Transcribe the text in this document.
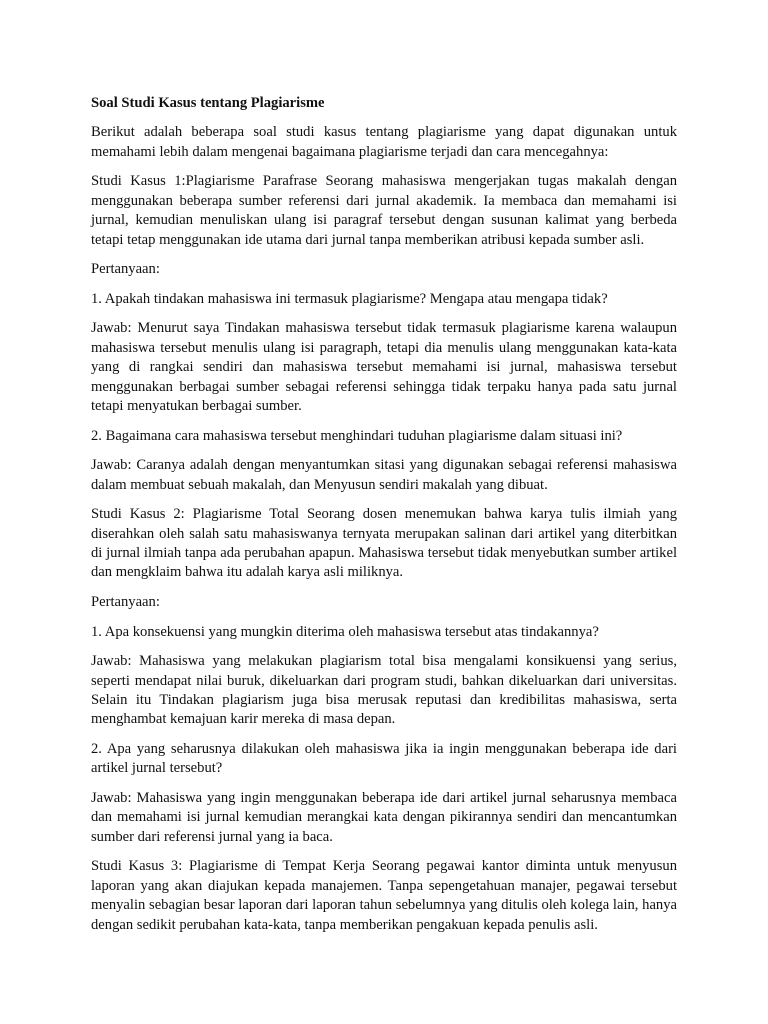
Soal Studi Kasus tentang Plagiarisme

Berikut adalah beberapa soal studi kasus tentang plagiarisme yang dapat digunakan untuk memahami lebih dalam mengenai bagaimana plagiarisme terjadi dan cara mencegahnya:

Studi Kasus 1:Plagiarisme Parafrase Seorang mahasiswa mengerjakan tugas makalah dengan menggunakan beberapa sumber referensi dari jurnal akademik. Ia membaca dan memahami isi jurnal, kemudian menuliskan ulang isi paragraf tersebut dengan susunan kalimat yang berbeda tetapi tetap menggunakan ide utama dari jurnal tanpa memberikan atribusi kepada sumber asli.

Pertanyaan:

1. Apakah tindakan mahasiswa ini termasuk plagiarisme? Mengapa atau mengapa tidak?

Jawab: Menurut saya Tindakan mahasiswa tersebut tidak termasuk plagiarisme karena walaupun mahasiswa tersebut menulis ulang isi paragraph, tetapi dia menulis ulang menggunakan kata-kata yang di rangkai sendiri dan mahasiswa tersebut memahami isi jurnal, mahasiswa tersebut menggunakan berbagai sumber sebagai referensi sehingga tidak terpaku hanya pada satu jurnal tetapi menyatukan berbagai sumber.

2. Bagaimana cara mahasiswa tersebut menghindari tuduhan plagiarisme dalam situasi ini?

Jawab: Caranya adalah dengan menyantumkan sitasi yang digunakan sebagai referensi mahasiswa dalam membuat sebuah makalah, dan Menyusun sendiri makalah yang dibuat.

Studi Kasus 2: Plagiarisme Total Seorang dosen menemukan bahwa karya tulis ilmiah yang diserahkan oleh salah satu mahasiswanya ternyata merupakan salinan dari artikel yang diterbitkan di jurnal ilmiah tanpa ada perubahan apapun. Mahasiswa tersebut tidak menyebutkan sumber artikel dan mengklaim bahwa itu adalah karya asli miliknya.

Pertanyaan:

1. Apa konsekuensi yang mungkin diterima oleh mahasiswa tersebut atas tindakannya?

Jawab: Mahasiswa yang melakukan plagiarism total bisa mengalami konsikuensi yang serius, seperti mendapat nilai buruk, dikeluarkan dari program studi, bahkan dikeluarkan dari universitas. Selain itu Tindakan plagiarism juga bisa merusak reputasi dan kredibilitas mahasiswa, serta menghambat kemajuan karir mereka di masa depan.

2. Apa yang seharusnya dilakukan oleh mahasiswa jika ia ingin menggunakan beberapa ide dari artikel jurnal tersebut?

Jawab: Mahasiswa yang ingin menggunakan beberapa ide dari artikel jurnal seharusnya membaca dan memahami isi jurnal kemudian merangkai kata dengan pikirannya sendiri dan mencantumkan sumber dari referensi jurnal yang ia baca.

Studi Kasus 3: Plagiarisme di Tempat Kerja Seorang pegawai kantor diminta untuk menyusun laporan yang akan diajukan kepada manajemen. Tanpa sepengetahuan manajer, pegawai tersebut menyalin sebagian besar laporan dari laporan tahun sebelumnya yang ditulis oleh kolega lain, hanya dengan sedikit perubahan kata-kata, tanpa memberikan pengakuan kepada penulis asli.
